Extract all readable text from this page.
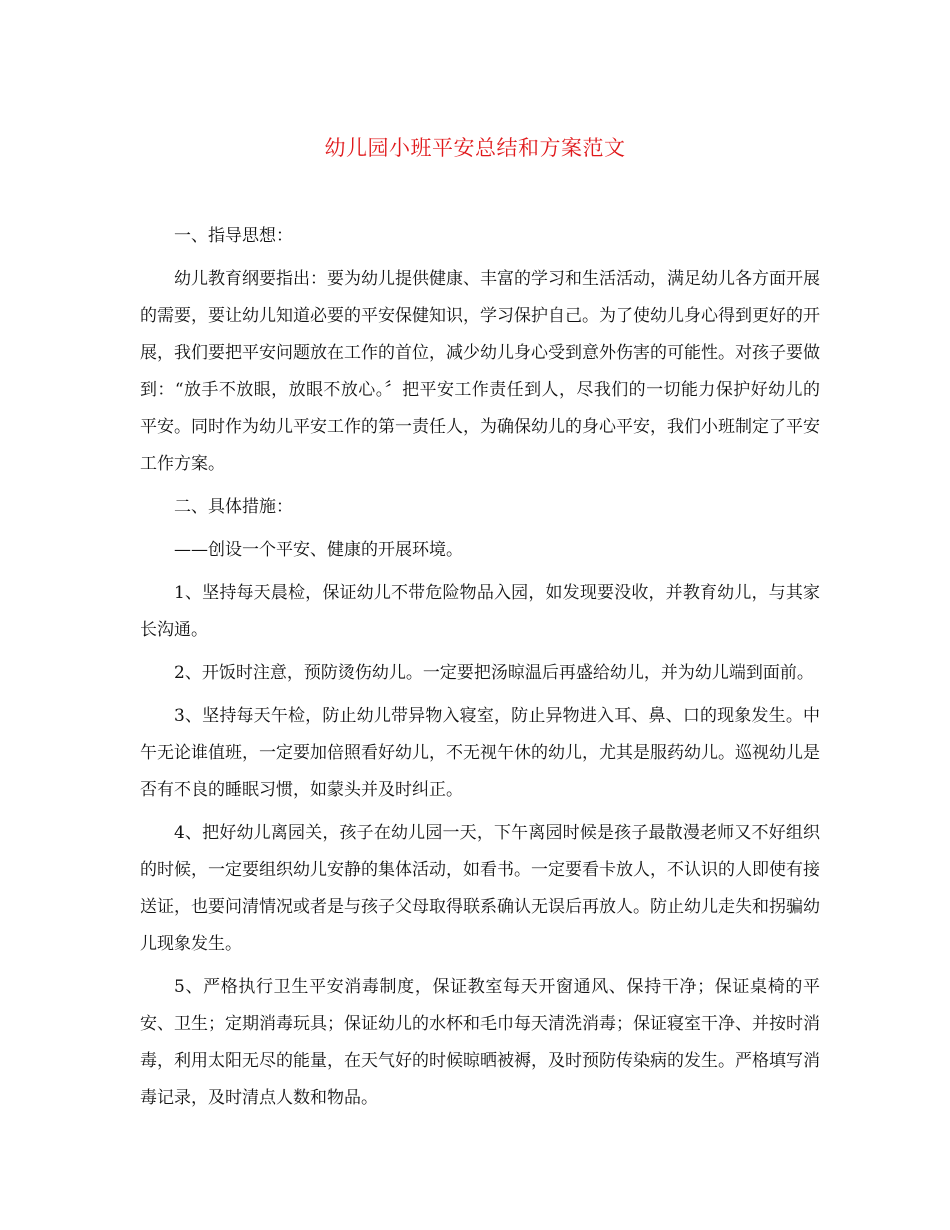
幼儿园小班平安总结和方案范文

一、指导思想：

幼儿教育纲要指出：要为幼儿提供健康、丰富的学习和生活活动，满足幼儿各方面开展的需要，要让幼儿知道必要的平安保健知识，学习保护自己。为了使幼儿身心得到更好的开展，我们要把平安问题放在工作的首位，减少幼儿身心受到意外伤害的可能性。对孩子要做到：“放手不放眼，放眼不放心。〞把平安工作责任到人，尽我们的一切能力保护好幼儿的平安。同时作为幼儿平安工作的第一责任人，为确保幼儿的身心平安，我们小班制定了平安工作方案。

二、具体措施：

——创设一个平安、健康的开展环境。

1、坚持每天晨检，保证幼儿不带危险物品入园，如发现要没收，并教育幼儿，与其家长沟通。

2、开饭时注意，预防烫伤幼儿。一定要把汤晾温后再盛给幼儿，并为幼儿端到面前。

3、坚持每天午检，防止幼儿带异物入寝室，防止异物进入耳、鼻、口的现象发生。中午无论谁值班，一定要加倍照看好幼儿，不无视午休的幼儿，尤其是服药幼儿。巡视幼儿是否有不良的睡眠习惯，如蒙头并及时纠正。

4、把好幼儿离园关，孩子在幼儿园一天，下午离园时候是孩子最散漫老师又不好组织的时候，一定要组织幼儿安静的集体活动，如看书。一定要看卡放人，不认识的人即使有接送证，也要问清情况或者是与孩子父母取得联系确认无误后再放人。防止幼儿走失和拐骗幼儿现象发生。

5、严格执行卫生平安消毒制度，保证教室每天开窗通风、保持干净；保证桌椅的平安、卫生；定期消毒玩具；保证幼儿的水杯和毛巾每天清洗消毒；保证寝室干净、并按时消毒，利用太阳无尽的能量，在天气好的时候晾晒被褥，及时预防传染病的发生。严格填写消毒记录，及时清点人数和物品。
